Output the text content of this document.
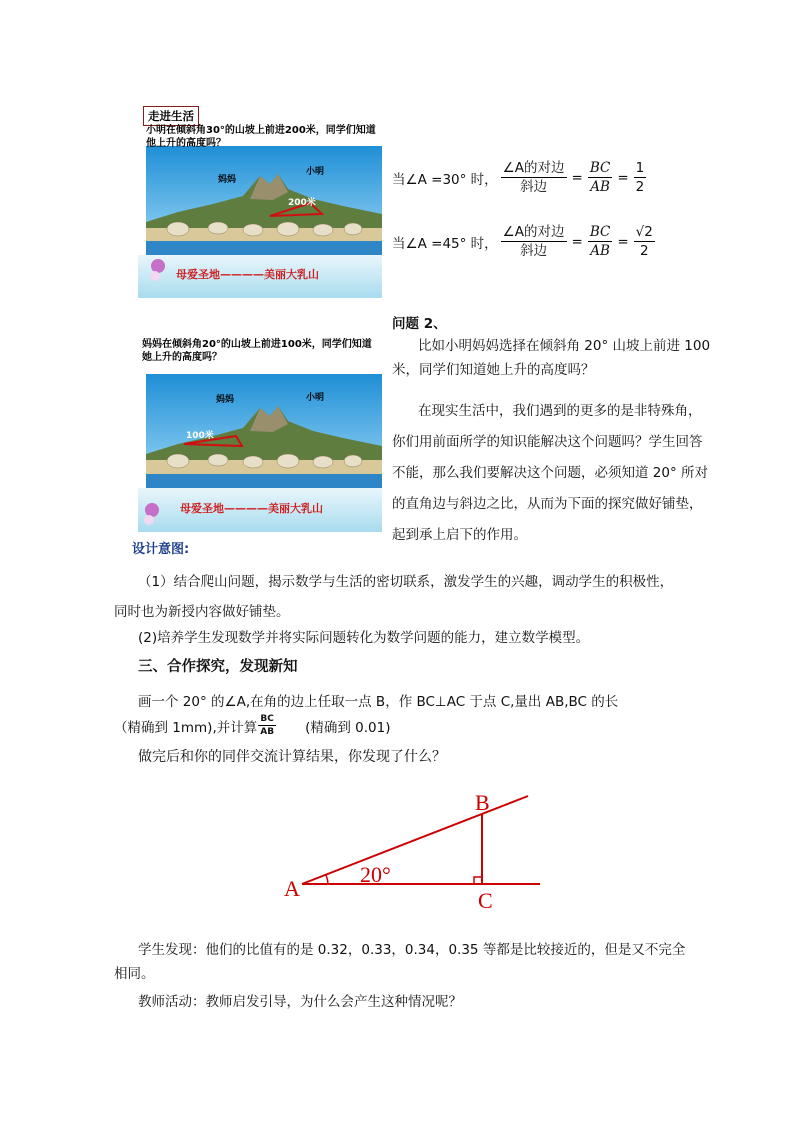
妈妈
小明
200米
母爱圣地————美丽大乳山
走进生活
小明在倾斜角30°的山坡上前进200米，同学们知道他上升的高度吗？
妈妈	小明
100米
母爱圣地————美丽大乳山
妈妈在倾斜角20°的山坡上前进100米，同学们知道她上升的高度吗？
当∠A =30° 时， $\frac{\text{∠A的对边}}{\text{斜边}} = \frac{BC}{AB} = \frac{1}{2}$
当∠A =45° 时， $\frac{\text{∠A的对边}}{\text{斜边}} = \frac{BC}{AB} = \frac{√2}{2}$
问题 2、
比如小明妈妈选择在倾斜角 20° 山坡上前进 100
米，同学们知道她上升的高度吗？
在现实生活中，我们遇到的更多的是非特殊角，
你们用前面所学的知识能解决这个问题吗？学生回答
不能，那么我们要解决这个问题，必须知道 20° 所对
的直角边与斜边之比，从而为下面的探究做好铺垫，
起到承上启下的作用。
设计意图:
（1）结合爬山问题，揭示数学与生活的密切联系，激发学生的兴趣，调动学生的积极性，
同时也为新授内容做好铺垫。
(2)培养学生发现数学并将实际问题转化为数学问题的能力，建立数学模型。
三、合作探究，发现新知
画一个 20° 的∠A,在角的边上任取一点 B，作 BC⊥AC 于点 C,量出 AB,BC 的长
（精确到 1mm),并计算 $\frac{BC}{AB}$ (精确到 0.01)
做完后和你的同伴交流计算结果，你发现了什么？
A
B
C
20°
学生发现：他们的比值有的是 0.32，0.33，0.34，0.35 等都是比较接近的，但是又不完全
相同。
教师活动：教师启发引导，为什么会产生这种情况呢？
